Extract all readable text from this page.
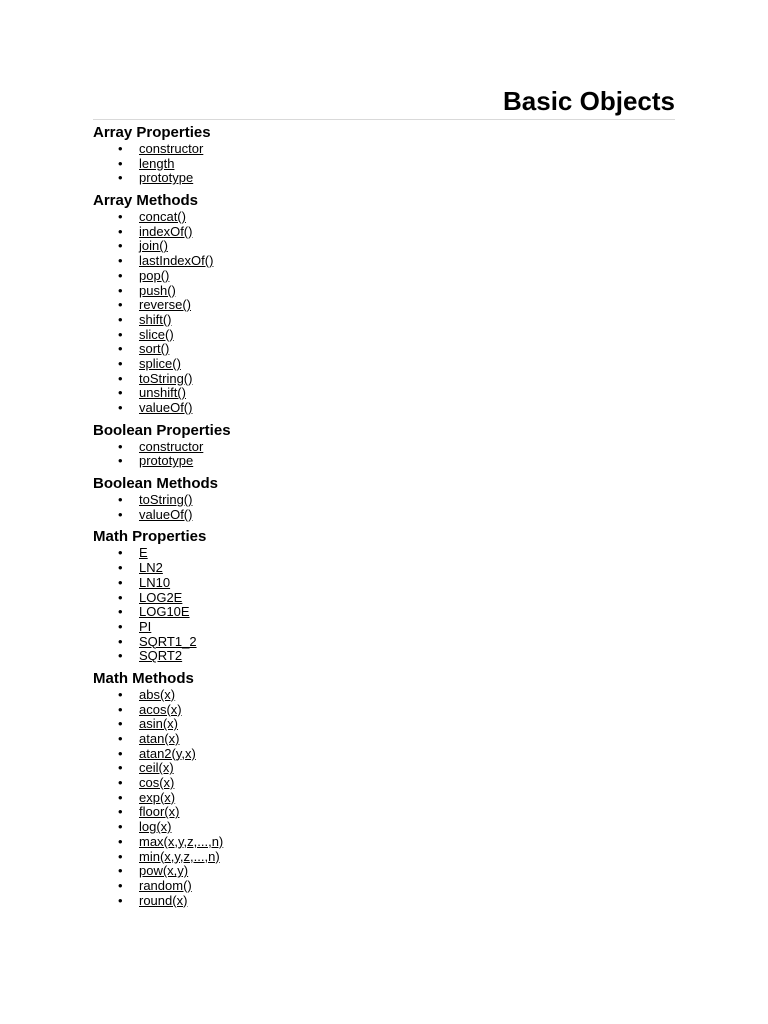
Basic Objects
Array Properties
• constructor
• length
• prototype
Array Methods
• concat()
• indexOf()
• join()
• lastIndexOf()
• pop()
• push()
• reverse()
• shift()
• slice()
• sort()
• splice()
• toString()
• unshift()
• valueOf()
Boolean Properties
• constructor
• prototype
Boolean Methods
• toString()
• valueOf()
Math Properties
• E
• LN2
• LN10
• LOG2E
• LOG10E
• PI
• SQRT1_2
• SQRT2
Math Methods
• abs(x)
• acos(x)
• asin(x)
• atan(x)
• atan2(y,x)
• ceil(x)
• cos(x)
• exp(x)
• floor(x)
• log(x)
• max(x,y,z,...,n)
• min(x,y,z,...,n)
• pow(x,y)
• random()
• round(x)
